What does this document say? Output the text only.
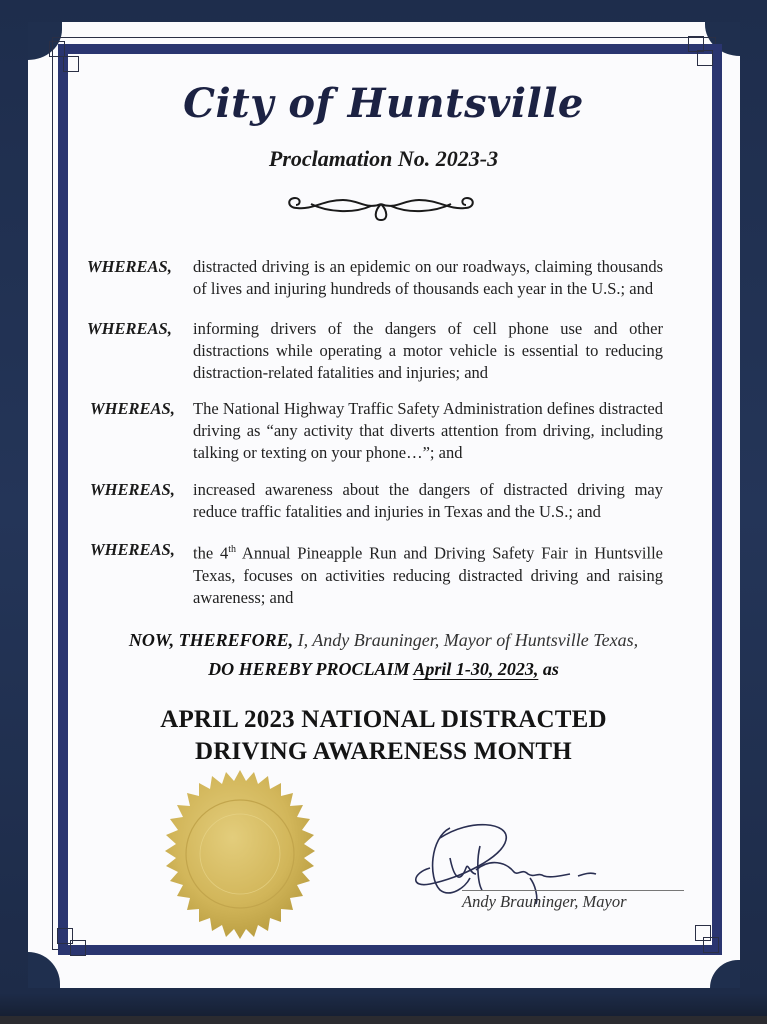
City of Huntsville
Proclamation No. 2023-3
WHEREAS, distracted driving is an epidemic on our roadways, claiming thousands of lives and injuring hundreds of thousands each year in the U.S.; and
WHEREAS, informing drivers of the dangers of cell phone use and other distractions while operating a motor vehicle is essential to reducing distraction-related fatalities and injuries; and
WHEREAS, The National Highway Traffic Safety Administration defines distracted driving as “any activity that diverts attention from driving, including talking or texting on your phone…”; and
WHEREAS, increased awareness about the dangers of distracted driving may reduce traffic fatalities and injuries in Texas and the U.S.; and
WHEREAS, the 4th Annual Pineapple Run and Driving Safety Fair in Huntsville Texas, focuses on activities reducing distracted driving and raising awareness; and
NOW, THEREFORE, I, Andy Brauninger, Mayor of Huntsville Texas,
DO HEREBY PROCLAIM April 1-30, 2023, as
APRIL 2023 NATIONAL DISTRACTED
DRIVING AWARENESS MONTH
Andy Brauninger, Mayor
